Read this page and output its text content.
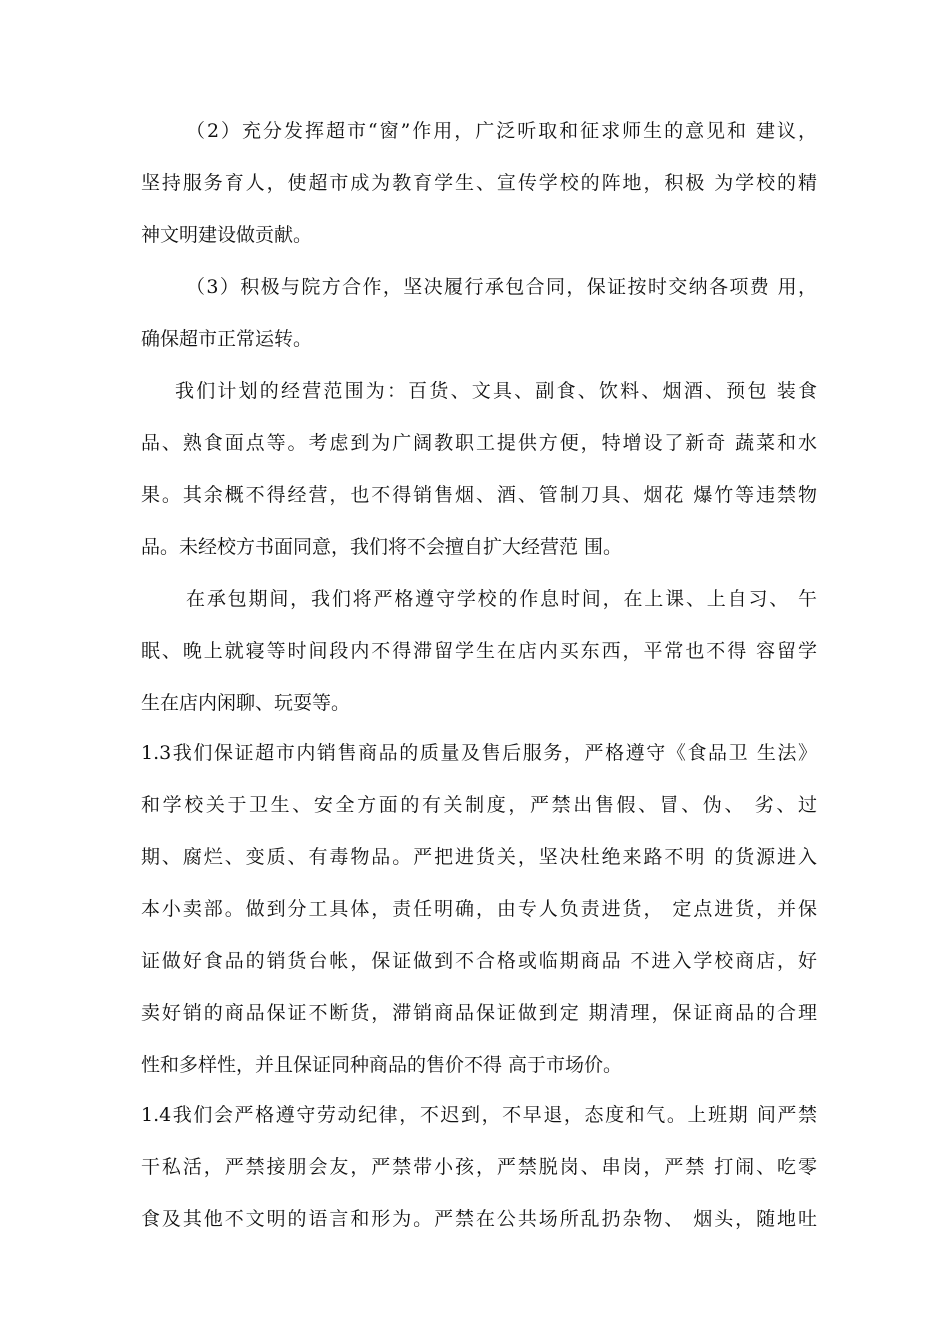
（2）充分发挥超市“窗”作用，广泛听取和征求师生的意见和 建议，
坚持服务育人，使超市成为教育学生、宣传学校的阵地，积极 为学校的精
神文明建设做贡献。
（3）积极与院方合作，坚决履行承包合同，保证按时交纳各项费 用，
确保超市正常运转。
我们计划的经营范围为：百货、文具、副食、饮料、烟酒、预包 装食
品、熟食面点等。考虑到为广阔教职工提供方便，特增设了新奇 蔬菜和水
果。其余概不得经营，也不得销售烟、酒、管制刀具、烟花 爆竹等违禁物
品。未经校方书面同意，我们将不会擅自扩大经营范 围。
在承包期间，我们将严格遵守学校的作息时间，在上课、上自习、 午
眠、晚上就寝等时间段内不得滞留学生在店内买东西，平常也不得 容留学
生在店内闲聊、玩耍等。
1.3我们保证超市内销售商品的质量及售后服务，严格遵守《食品卫 生法》
和学校关于卫生、安全方面的有关制度，严禁出售假、冒、伪、 劣、过
期、腐烂、变质、有毒物品。严把进货关，坚决杜绝来路不明 的货源进入
本小卖部。做到分工具体，责任明确，由专人负责进货， 定点进货，并保
证做好食品的销货台帐，保证做到不合格或临期商品 不进入学校商店，好
卖好销的商品保证不断货，滞销商品保证做到定 期清理，保证商品的合理
性和多样性，并且保证同种商品的售价不得 高于市场价。
1.4我们会严格遵守劳动纪律，不迟到，不早退，态度和气。上班期 间严禁
干私活，严禁接朋会友，严禁带小孩，严禁脱岗、串岗，严禁 打闹、吃零
食及其他不文明的语言和形为。严禁在公共场所乱扔杂物、 烟头，随地吐
